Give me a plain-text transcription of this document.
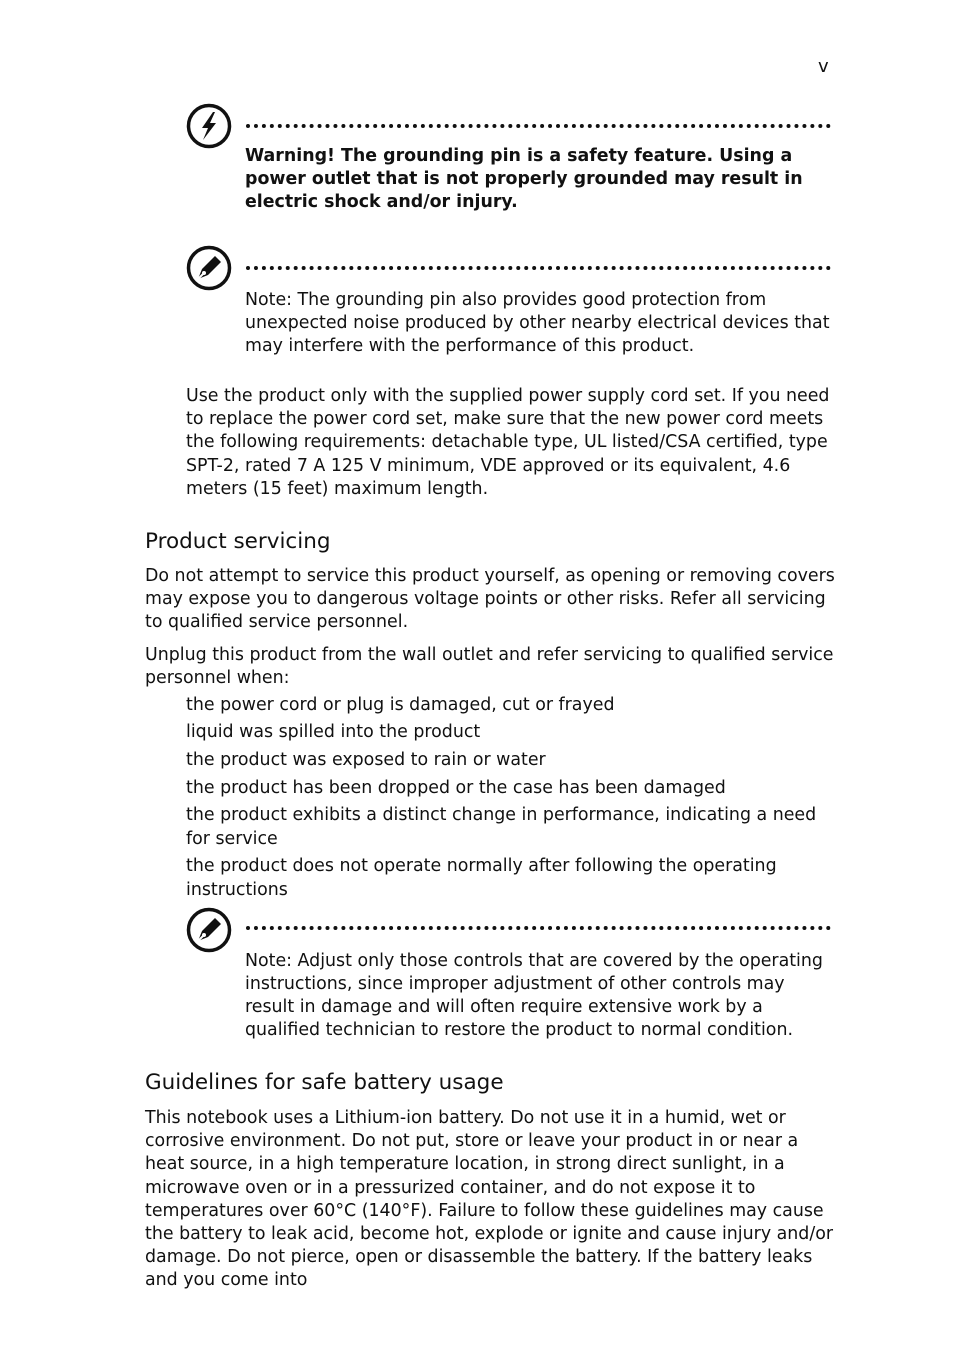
v
Warning! The grounding pin is a safety feature. Using a power outlet that is not properly grounded may result in electric shock and/or injury.
Note: The grounding pin also provides good protection from unexpected noise produced by other nearby electrical devices that may interfere with the performance of this product.
Use the product only with the supplied power supply cord set. If you need to replace the power cord set, make sure that the new power cord meets the following requirements: detachable type, UL listed/CSA certified, type SPT-2, rated 7 A 125 V minimum, VDE approved or its equivalent, 4.6 meters (15 feet) maximum length.
Product servicing
Do not attempt to service this product yourself, as opening or removing covers may expose you to dangerous voltage points or other risks. Refer all servicing to qualified service personnel.
Unplug this product from the wall outlet and refer servicing to qualified service personnel when:
the power cord or plug is damaged, cut or frayed
liquid was spilled into the product
the product was exposed to rain or water
the product has been dropped or the case has been damaged
the product exhibits a distinct change in performance, indicating a need for service
the product does not operate normally after following the operating instructions
Note: Adjust only those controls that are covered by the operating instructions, since improper adjustment of other controls may result in damage and will often require extensive work by a qualified technician to restore the product to normal condition.
Guidelines for safe battery usage
This notebook uses a Lithium-ion battery. Do not use it in a humid, wet or corrosive environment. Do not put, store or leave your product in or near a heat source, in a high temperature location, in strong direct sunlight, in a microwave oven or in a pressurized container, and do not expose it to temperatures over 60°C (140°F). Failure to follow these guidelines may cause the battery to leak acid, become hot, explode or ignite and cause injury and/or damage. Do not pierce, open or disassemble the battery. If the battery leaks and you come into
